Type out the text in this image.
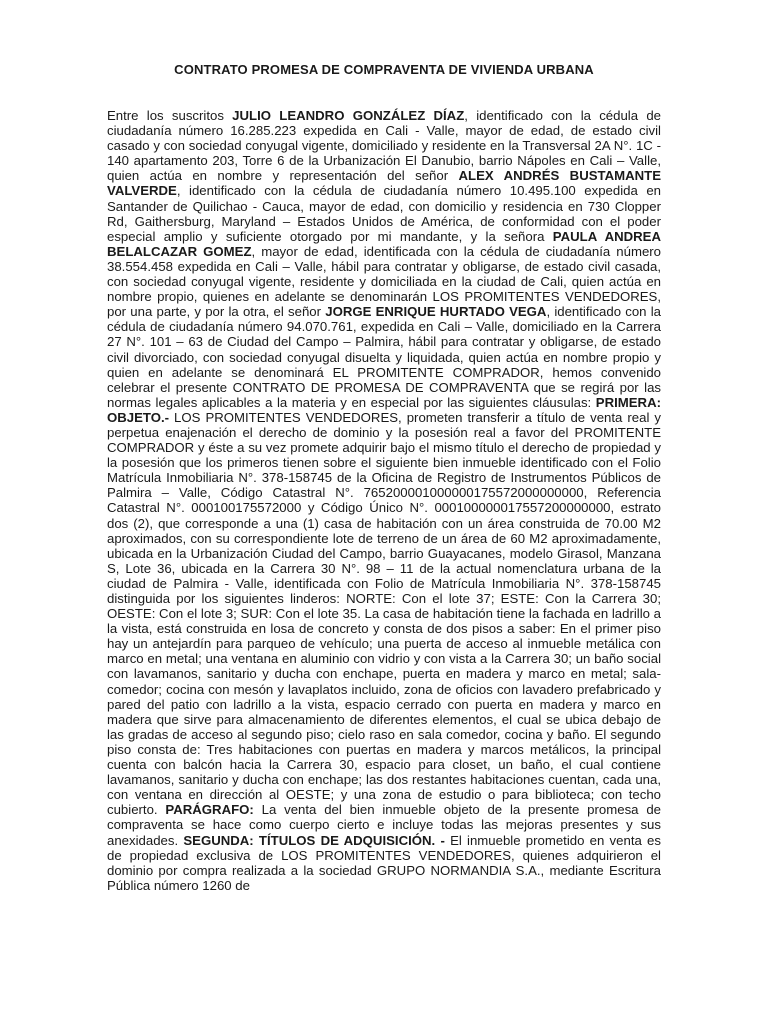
CONTRATO PROMESA DE COMPRAVENTA DE VIVIENDA URBANA

Entre los suscritos JULIO LEANDRO GONZÁLEZ DÍAZ, identificado con la cédula de ciudadanía número 16.285.223 expedida en Cali - Valle, mayor de edad, de estado civil casado y con sociedad conyugal vigente, domiciliado y residente en la Transversal 2A N°. 1C - 140 apartamento 203, Torre 6 de la Urbanización El Danubio, barrio Nápoles en Cali – Valle, quien actúa en nombre y representación del señor ALEX ANDRÉS BUSTAMANTE VALVERDE, identificado con la cédula de ciudadanía número 10.495.100 expedida en Santander de Quilichao - Cauca, mayor de edad, con domicilio y residencia en 730 Clopper Rd, Gaithersburg, Maryland – Estados Unidos de América, de conformidad con el poder especial amplio y suficiente otorgado por mi mandante, y la señora PAULA ANDREA BELALCAZAR GOMEZ, mayor de edad, identificada con la cédula de ciudadanía número 38.554.458 expedida en Cali – Valle, hábil para contratar y obligarse, de estado civil casada, con sociedad conyugal vigente, residente y domiciliada en la ciudad de Cali, quien actúa en nombre propio, quienes en adelante se denominarán LOS PROMITENTES VENDEDORES, por una parte, y por la otra, el señor JORGE ENRIQUE HURTADO VEGA, identificado con la cédula de ciudadanía número 94.070.761, expedida en Cali – Valle, domiciliado en la Carrera 27 N°. 101 – 63 de Ciudad del Campo – Palmira, hábil para contratar y obligarse, de estado civil divorciado, con sociedad conyugal disuelta y liquidada, quien actúa en nombre propio y quien en adelante se denominará EL PROMITENTE COMPRADOR, hemos convenido celebrar el presente CONTRATO DE PROMESA DE COMPRAVENTA que se regirá por las normas legales aplicables a la materia y en especial por las siguientes cláusulas: PRIMERA: OBJETO.- LOS PROMITENTES VENDEDORES, prometen transferir a título de venta real y perpetua enajenación el derecho de dominio y la posesión real a favor del PROMITENTE COMPRADOR y éste a su vez promete adquirir bajo el mismo título el derecho de propiedad y la posesión que los primeros tienen sobre el siguiente bien inmueble identificado con el Folio Matrícula Inmobiliaria N°. 378-158745 de la Oficina de Registro de Instrumentos Públicos de Palmira – Valle, Código Catastral N°. 765200001000000175572000000000, Referencia Catastral N°. 000100175572000 y Código Único N°. 000100000017557200000000, estrato dos (2), que corresponde a una (1) casa de habitación con un área construida de 70.00 M2 aproximados, con su correspondiente lote de terreno de un área de 60 M2 aproximadamente, ubicada en la Urbanización Ciudad del Campo, barrio Guayacanes, modelo Girasol, Manzana S, Lote 36, ubicada en la Carrera 30 N°. 98 – 11 de la actual nomenclatura urbana de la ciudad de Palmira - Valle, identificada con Folio de Matrícula Inmobiliaria N°. 378-158745 distinguida por los siguientes linderos: NORTE: Con el lote 37; ESTE: Con la Carrera 30; OESTE: Con el lote 3; SUR: Con el lote 35. La casa de habitación tiene la fachada en ladrillo a la vista, está construida en losa de concreto y consta de dos pisos a saber: En el primer piso hay un antejardín para parqueo de vehículo; una puerta de acceso al inmueble metálica con marco en metal; una ventana en aluminio con vidrio y con vista a la Carrera 30; un baño social con lavamanos, sanitario y ducha con enchape, puerta en madera y marco en metal; sala-comedor; cocina con mesón y lavaplatos incluido, zona de oficios con lavadero prefabricado y pared del patio con ladrillo a la vista, espacio cerrado con puerta en madera y marco en madera que sirve para almacenamiento de diferentes elementos, el cual se ubica debajo de las gradas de acceso al segundo piso; cielo raso en sala comedor, cocina y baño. El segundo piso consta de: Tres habitaciones con puertas en madera y marcos metálicos, la principal cuenta con balcón hacia la Carrera 30, espacio para closet, un baño, el cual contiene lavamanos, sanitario y ducha con enchape; las dos restantes habitaciones cuentan, cada una, con ventana en dirección al OESTE; y una zona de estudio o para biblioteca; con techo cubierto. PARÁGRAFO: La venta del bien inmueble objeto de la presente promesa de compraventa se hace como cuerpo cierto e incluye todas las mejoras presentes y sus anexidades. SEGUNDA: TÍTULOS DE ADQUISICIÓN. - El inmueble prometido en venta es de propiedad exclusiva de LOS PROMITENTES VENDEDORES, quienes adquirieron el dominio por compra realizada a la sociedad GRUPO NORMANDIA S.A., mediante Escritura Pública número 1260 de
